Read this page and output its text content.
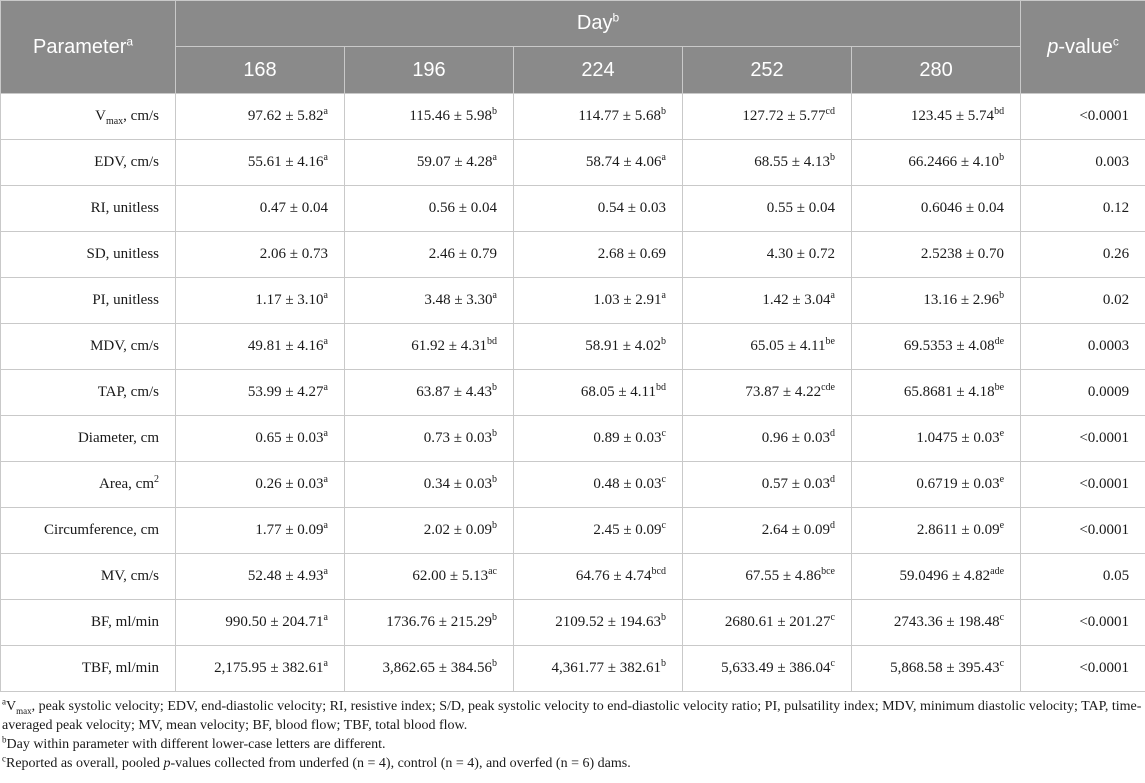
Parameter$^a$	Day$^b$					p-value$^c$
	168	196	224	252	280	
$V_{max}$, cm/s	97.62 ± 5.82$^a$	115.46 ± 5.98$^b$	114.77 ± 5.68$^b$	127.72 ± 5.77$^{cd}$	123.45 ± 5.74$^{bd}$	<0.0001
EDV, cm/s	55.61 ± 4.16$^a$	59.07 ± 4.28$^a$	58.74 ± 4.06$^a$	68.55 ± 4.13$^b$	66.2466 ± 4.10$^b$	0.003
RI, unitless	0.47 ± 0.04	0.56 ± 0.04	0.54 ± 0.03	0.55 ± 0.04	0.6046 ± 0.04	0.12
SD, unitless	2.06 ± 0.73	2.46 ± 0.79	2.68 ± 0.69	4.30 ± 0.72	2.5238 ± 0.70	0.26
PI, unitless	1.17 ± 3.10$^a$	3.48 ± 3.30$^a$	1.03 ± 2.91$^a$	1.42 ± 3.04$^a$	13.16 ± 2.96$^b$	0.02
MDV, cm/s	49.81 ± 4.16$^a$	61.92 ± 4.31$^{bd}$	58.91 ± 4.02$^b$	65.05 ± 4.11$^{be}$	69.5353 ± 4.08de	0.0003
TAP, cm/s	53.99 ± 4.27$^a$	63.87 ± 4.43$^b$	68.05 ± 4.11$^{bd}$	73.87 ± 4.22$^{cde}$	65.8681 ± 4.18$^{be}$	0.0009
Diameter, cm	0.65 ± 0.03$^a$	0.73 ± 0.03$^b$	0.89 ± 0.03$^c$	0.96 ± 0.03$^d$	1.0475 ± 0.03$^e$	<0.0001
Area, $cm^2$	0.26 ± 0.03$^a$	0.34 ± 0.03$^b$	0.48 ± 0.03$^c$	0.57 ± 0.03$^d$	0.6719 ± 0.03$^e$	<0.0001
Circumference, cm	1.77 ± 0.09$^a$	2.02 ± 0.09$^b$	2.45 ± 0.09$^c$	2.64 ± 0.09$^d$	2.8611 ± 0.09$^e$	<0.0001
MV, cm/s	52.48 ± 4.93$^a$	62.00 ± 5.13$^{ac}$	64.76 ± 4.74$^{bcd}$	67.55 ± 4.86$^{bce}$	59.0496 ± 4.82$^{ade}$	0.05
BF, ml/min	990.50 ± 204.71$^a$	1736.76 ± 215.29$^b$	2109.52 ± 194.63$^b$	2680.61 ± 201.27$^c$	2743.36 ± 198.48$^c$	<0.0001
TBF, ml/min	2,175.95 ± 382.61$^a$	3,862.65 ± 384.56$^b$	4,361.77 ± 382.61$^b$	5,633.49 ± 386.04$^c$	5,868.58 ± 395.43$^c$	<0.0001

$^aV_{max}$, peak systolic velocity; EDV, end-diastolic velocity; RI, resistive index; S/D, peak systolic velocity to end-diastolic velocity ratio; PI, pulsatility index; MDV, minimum diastolic velocity; TAP, time-averaged peak velocity; MV, mean velocity; BF, blood flow; TBF, total blood flow.

$^b$Day within parameter with different lower-case letters are different.

$^c$Reported as overall, pooled p-values collected from underfed (n = 4), control (n = 4), and overfed (n = 6) dams.
